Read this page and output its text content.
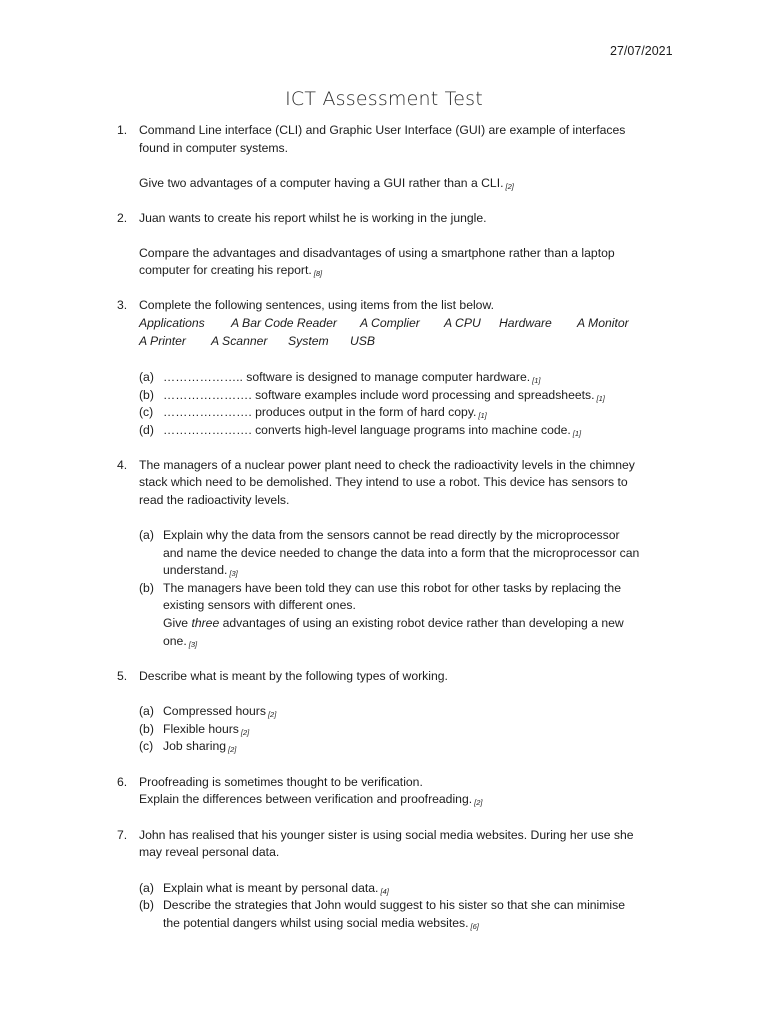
27/07/2021
ICT Assessment Test
1. Command Line interface (CLI) and Graphic User Interface (GUI) are example of interfaces
found in computer systems.
Give two advantages of a computer having a GUI rather than a CLI. [2]
2. Juan wants to create his report whilst he is working in the jungle.
Compare the advantages and disadvantages of using a smartphone rather than a laptop
computer for creating his report. [8]
3. Complete the following sentences, using items from the list below.
Applications A Bar Code Reader A Complier A CPU Hardware A Monitor
A Printer A Scanner System USB
(a) ……………….. software is designed to manage computer hardware. [1]
(b) …………………. software examples include word processing and spreadsheets. [1]
(c) …………………. produces output in the form of hard copy. [1]
(d) …………………. converts high-level language programs into machine code. [1]
4. The managers of a nuclear power plant need to check the radioactivity levels in the chimney
stack which need to be demolished. They intend to use a robot. This device has sensors to
read the radioactivity levels.
(a) Explain why the data from the sensors cannot be read directly by the microprocessor
and name the device needed to change the data into a form that the microprocessor can
understand. [3]
(b) The managers have been told they can use this robot for other tasks by replacing the
existing sensors with different ones.
Give three advantages of using an existing robot device rather than developing a new
one. [3]
5. Describe what is meant by the following types of working.
(a) Compressed hours [2]
(b) Flexible hours [2]
(c) Job sharing [2]
6. Proofreading is sometimes thought to be verification.
Explain the differences between verification and proofreading. [2]
7. John has realised that his younger sister is using social media websites. During her use she
may reveal personal data.
(a) Explain what is meant by personal data. [4]
(b) Describe the strategies that John would suggest to his sister so that she can minimise
the potential dangers whilst using social media websites. [6]
